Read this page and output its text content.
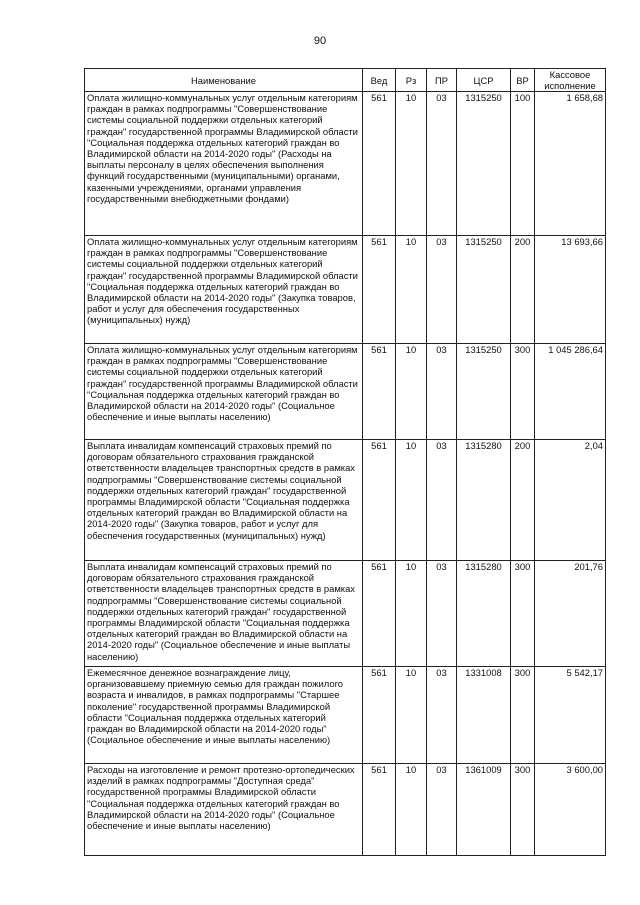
90
Наименование	Вед	Рз	ПР	ЦСР	ВР	Кассовое исполнение
Оплата жилищно-коммунальных услуг отдельным категориям граждан в рамках подпрограммы "Совершенствование системы социальной поддержки отдельных категорий граждан" государственной программы Владимирской области "Социальная поддержка отдельных категорий граждан во Владимирской области на 2014-2020 годы" (Расходы на выплаты персоналу в целях обеспечения выполнения функций государственными (муниципальными) органами, казенными учреждениями, органами управления государственными внебюджетными фондами)	561	10	03	1315250	100	1 658,68
Оплата жилищно-коммунальных услуг отдельным категориям граждан в рамках подпрограммы "Совершенствование системы социальной поддержки отдельных категорий граждан" государственной программы Владимирской области "Социальная поддержка отдельных категорий граждан во Владимирской области на 2014-2020 годы" (Закупка товаров, работ и услуг для обеспечения государственных (муниципальных) нужд)	561	10	03	1315250	200	13 693,66
Оплата жилищно-коммунальных услуг отдельным категориям граждан в рамках подпрограммы "Совершенствование системы социальной поддержки отдельных категорий граждан" государственной программы Владимирской области "Социальная поддержка отдельных категорий граждан во Владимирской области на 2014-2020 годы" (Социальное обеспечение и иные выплаты населению)	561	10	03	1315250	300	1 045 286,64
Выплата инвалидам компенсаций страховых премий по договорам обязательного страхования гражданской ответственности владельцев транспортных средств в рамках подпрограммы "Совершенствование системы социальной поддержки отдельных категорий граждан" государственной программы Владимирской области "Социальная поддержка отдельных категорий граждан во Владимирской области на 2014-2020 годы" (Закупка товаров, работ и услуг для обеспечения государственных (муниципальных) нужд)	561	10	03	1315280	200	2,04
Выплата инвалидам компенсаций страховых премий по договорам обязательного страхования гражданской ответственности владельцев транспортных средств в рамках подпрограммы "Совершенствование системы социальной поддержки отдельных категорий граждан" государственной программы Владимирской области "Социальная поддержка отдельных категорий граждан во Владимирской области на 2014-2020 годы" (Социальное обеспечение и иные выплаты населению)	561	10	03	1315280	300	201,76
Ежемесячное денежное вознаграждение лицу, организовавшему приемную семью для граждан пожилого возраста и инвалидов, в рамках подпрограммы "Старшее поколение" государственной программы Владимирской области "Социальная поддержка отдельных категорий граждан во Владимирской области на 2014-2020 годы" (Социальное обеспечение и иные выплаты населению)	561	10	03	1331008	300	5 542,17
Расходы на изготовление и ремонт протезно-ортопедических изделий в рамках подпрограммы "Доступная среда" государственной программы Владимирской области "Социальная поддержка отдельных категорий граждан во Владимирской области на 2014-2020 годы" (Социальное обеспечение и иные выплаты населению)	561	10	03	1361009	300	3 600,00
